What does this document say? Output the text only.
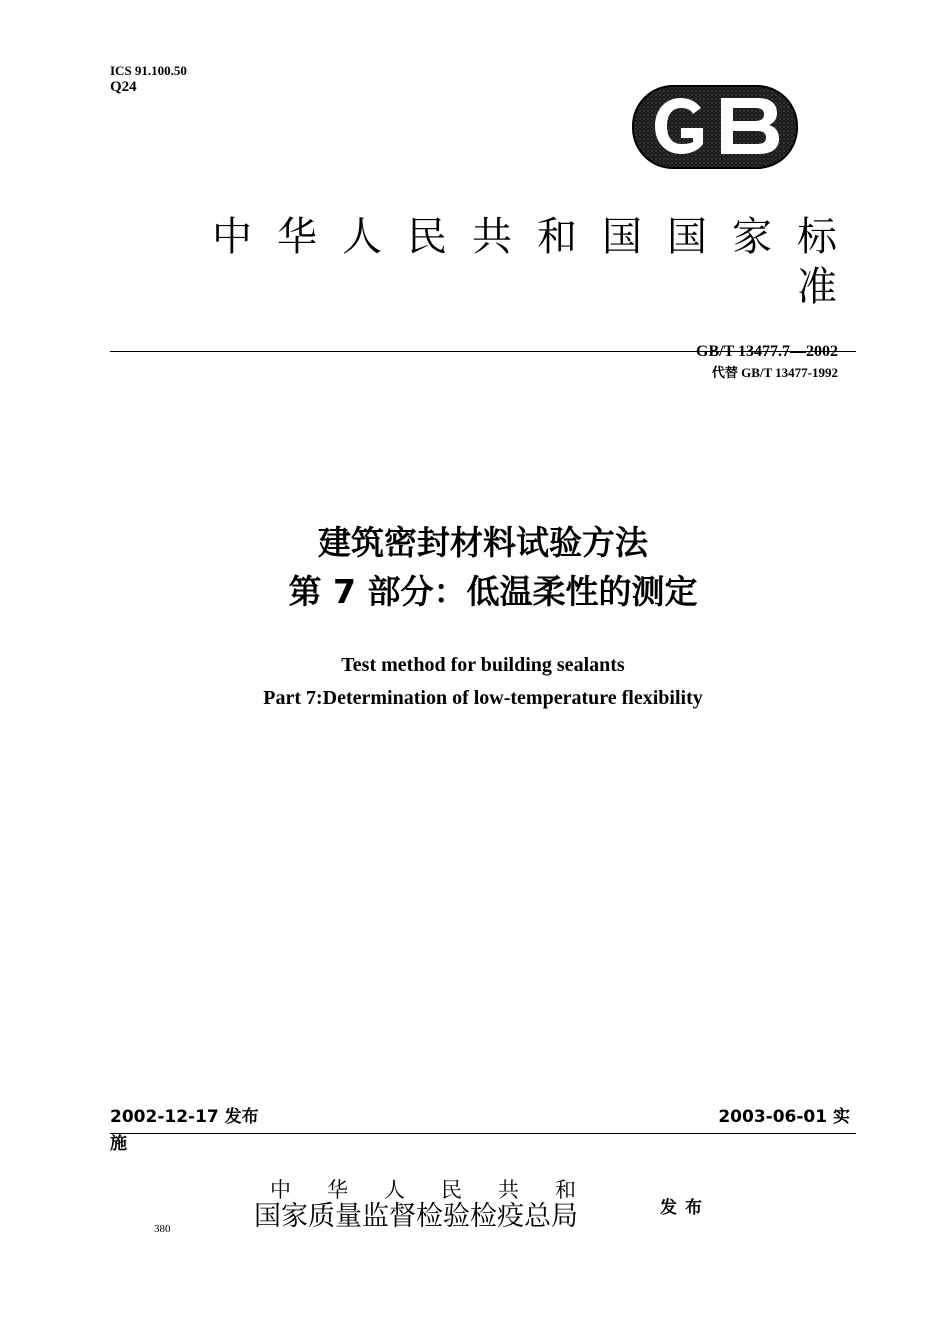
ICS 91.100.50
Q24
中华人民共和国国家标准
GB/T 13477.7—2002
代替 GB/T 13477-1992
建筑密封材料试验方法
第 7 部分：低温柔性的测定
Test method for building sealants
Part 7:Determination of low-temperature flexibility
2002-12-17 发布	2003-06-01 实
施
中华人民共和
国家质量监督检验检疫总局	发布
380
